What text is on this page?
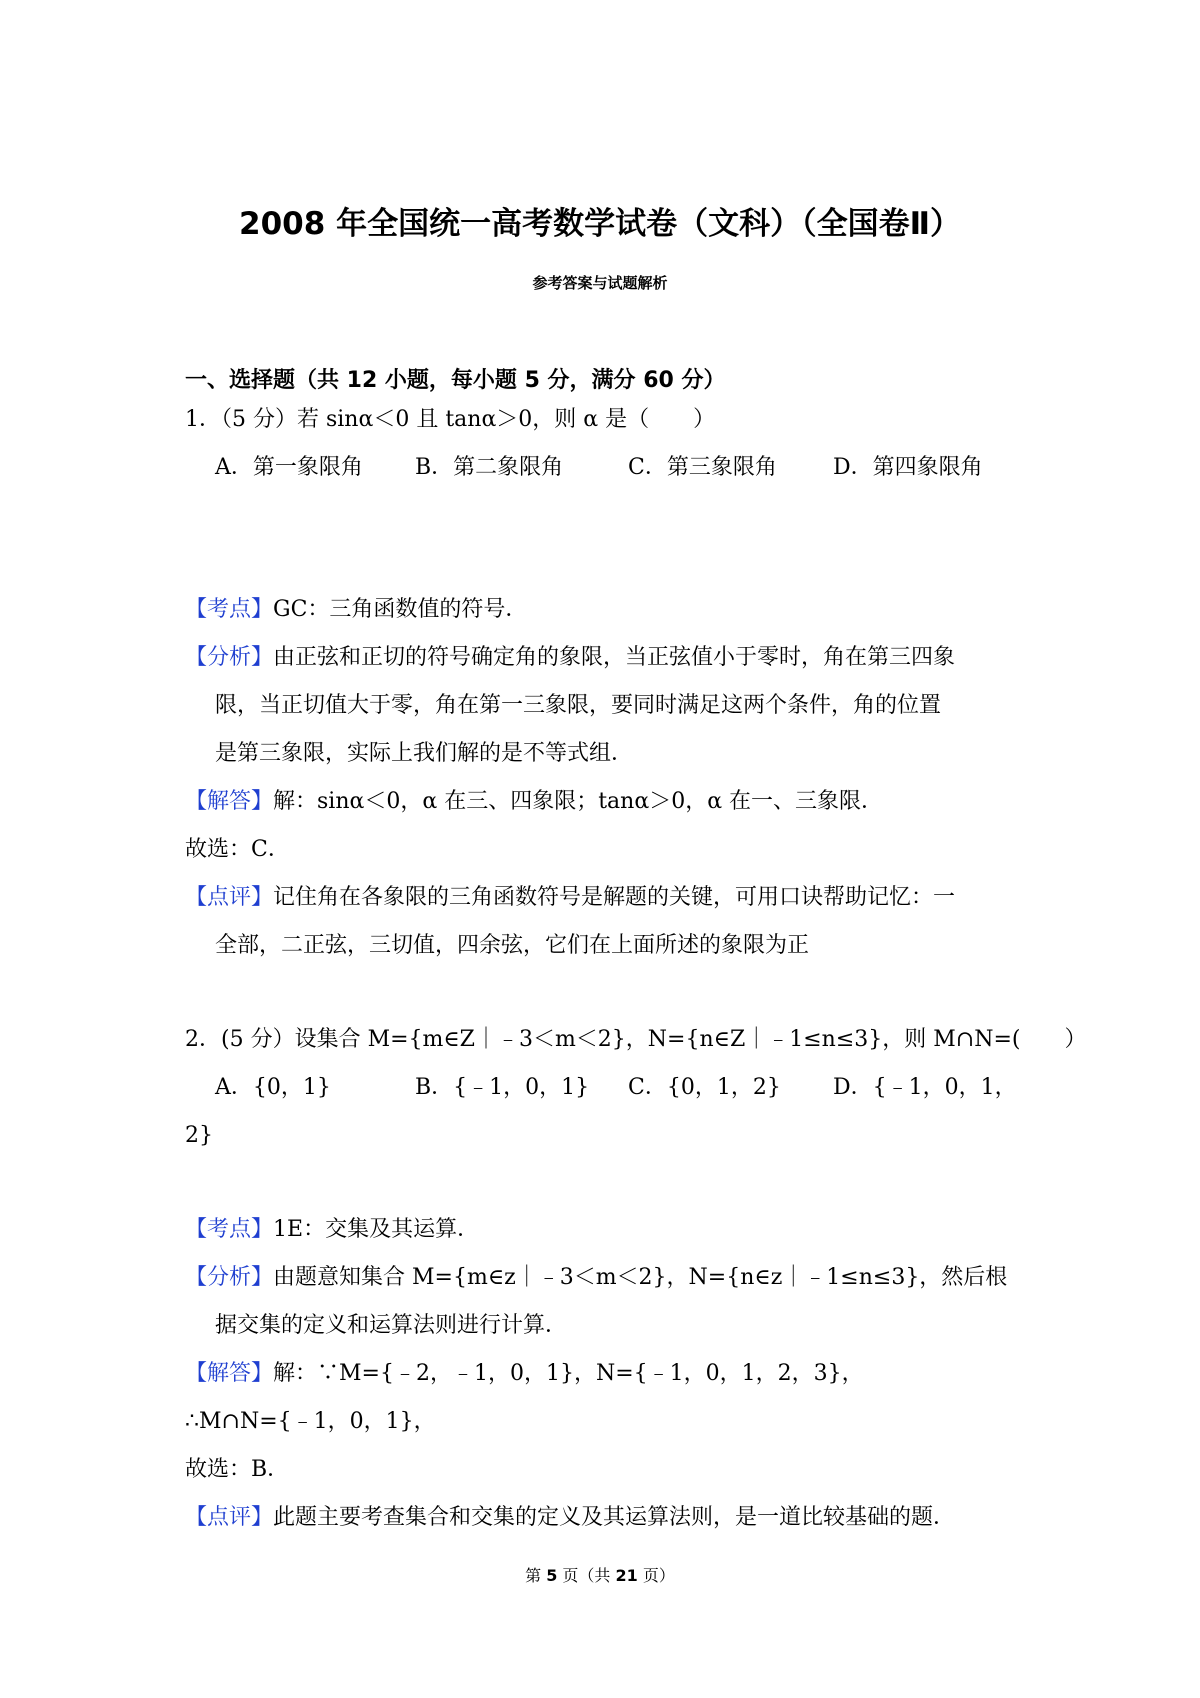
2008 年全国统一高考数学试卷（文科）（全国卷Ⅱ）
参考答案与试题解析
一、选择题（共 12 小题，每小题 5 分，满分 60 分）
1．（5 分）若 sinα＜0 且 tanα＞0，则 α 是（　　）
A．第一象限角 B．第二象限角	C．第三象限角	D．第四象限角
【考点】GC：三角函数值的符号．
【分析】由正弦和正切的符号确定角的象限，当正弦值小于零时，角在第三四象
限，当正切值大于零，角在第一三象限，要同时满足这两个条件，角的位置
是第三象限，实际上我们解的是不等式组．
【解答】解：sinα＜0，α 在三、四象限；tanα＞0，α 在一、三象限．
故选：C．
【点评】记住角在各象限的三角函数符号是解题的关键，可用口诀帮助记忆：一
全部，二正弦，三切值，四余弦，它们在上面所述的象限为正
2．(5 分）设集合 M={m∈Z｜﹣3＜m＜2}，N={n∈Z｜﹣1≤n≤3}，则 M∩N=(　　）
A．{0，1}	B．{﹣1，0，1} C．{0，1，2} D．{﹣1，0，1，
2}
【考点】1E：交集及其运算．
【分析】由题意知集合 M={m∈z｜﹣3＜m＜2}，N={n∈z｜﹣1≤n≤3}，然后根
据交集的定义和运算法则进行计算．
【解答】解：∵M={﹣2，﹣1，0，1}，N={﹣1，0，1，2，3}，
∴M∩N={﹣1，0，1}，
故选：B．
【点评】此题主要考查集合和交集的定义及其运算法则，是一道比较基础的题．
第 5 页（共 21 页）
